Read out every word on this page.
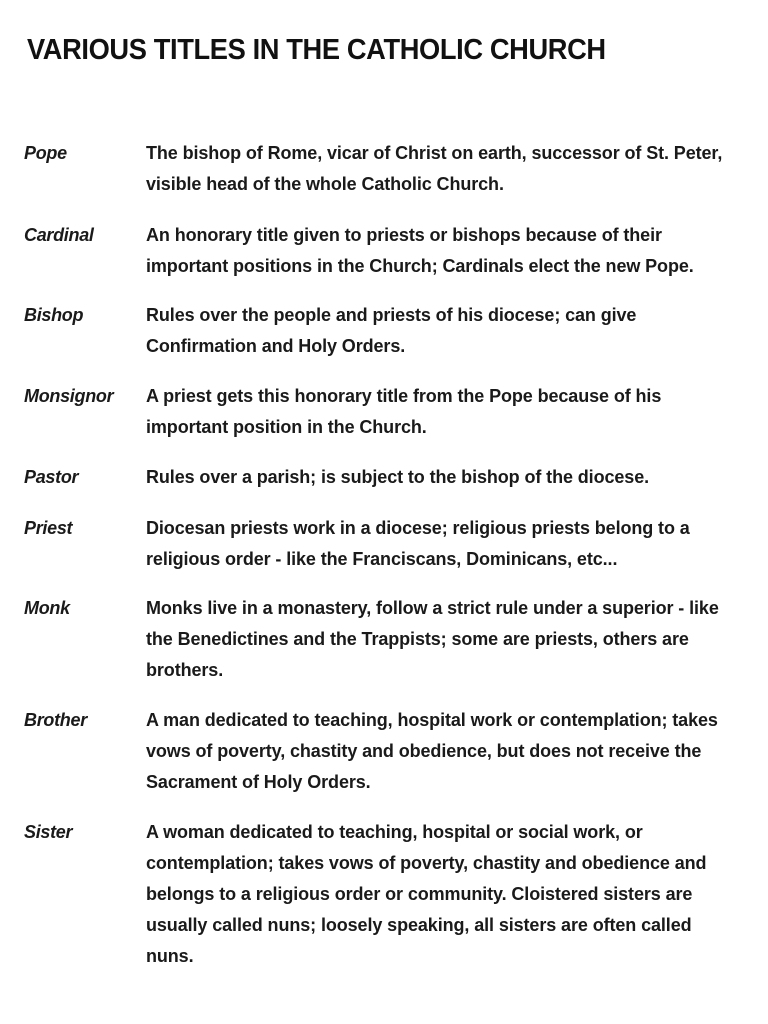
VARIOUS TITLES IN THE CATHOLIC CHURCH
Pope	The bishop of Rome, vicar of Christ on earth, successor of St. Peter, visible head of the whole Catholic Church.
Cardinal	An honorary title given to priests or bishops because of their important positions in the Church; Cardinals elect the new Pope.
Bishop	Rules over the people and priests of his diocese; can give Confirmation and Holy Orders.
Monsignor	A priest gets this honorary title from the Pope because of his important position in the Church.
Pastor	Rules over a parish; is subject to the bishop of the diocese.
Priest	Diocesan priests work in a diocese; religious priests belong to a religious order - like the Franciscans, Dominicans, etc...
Monk	Monks live in a monastery, follow a strict rule under a superior - like the Benedictines and the Trappists; some are priests, others are brothers.
Brother	A man dedicated to teaching, hospital work or contemplation; takes vows of poverty, chastity and obedience, but does not receive the Sacrament of Holy Orders.
Sister	A woman dedicated to teaching, hospital or social work, or contemplation; takes vows of poverty, chastity and obedience and belongs to a religious order or community. Cloistered sisters are usually called nuns; loosely speaking, all sisters are often called nuns.
